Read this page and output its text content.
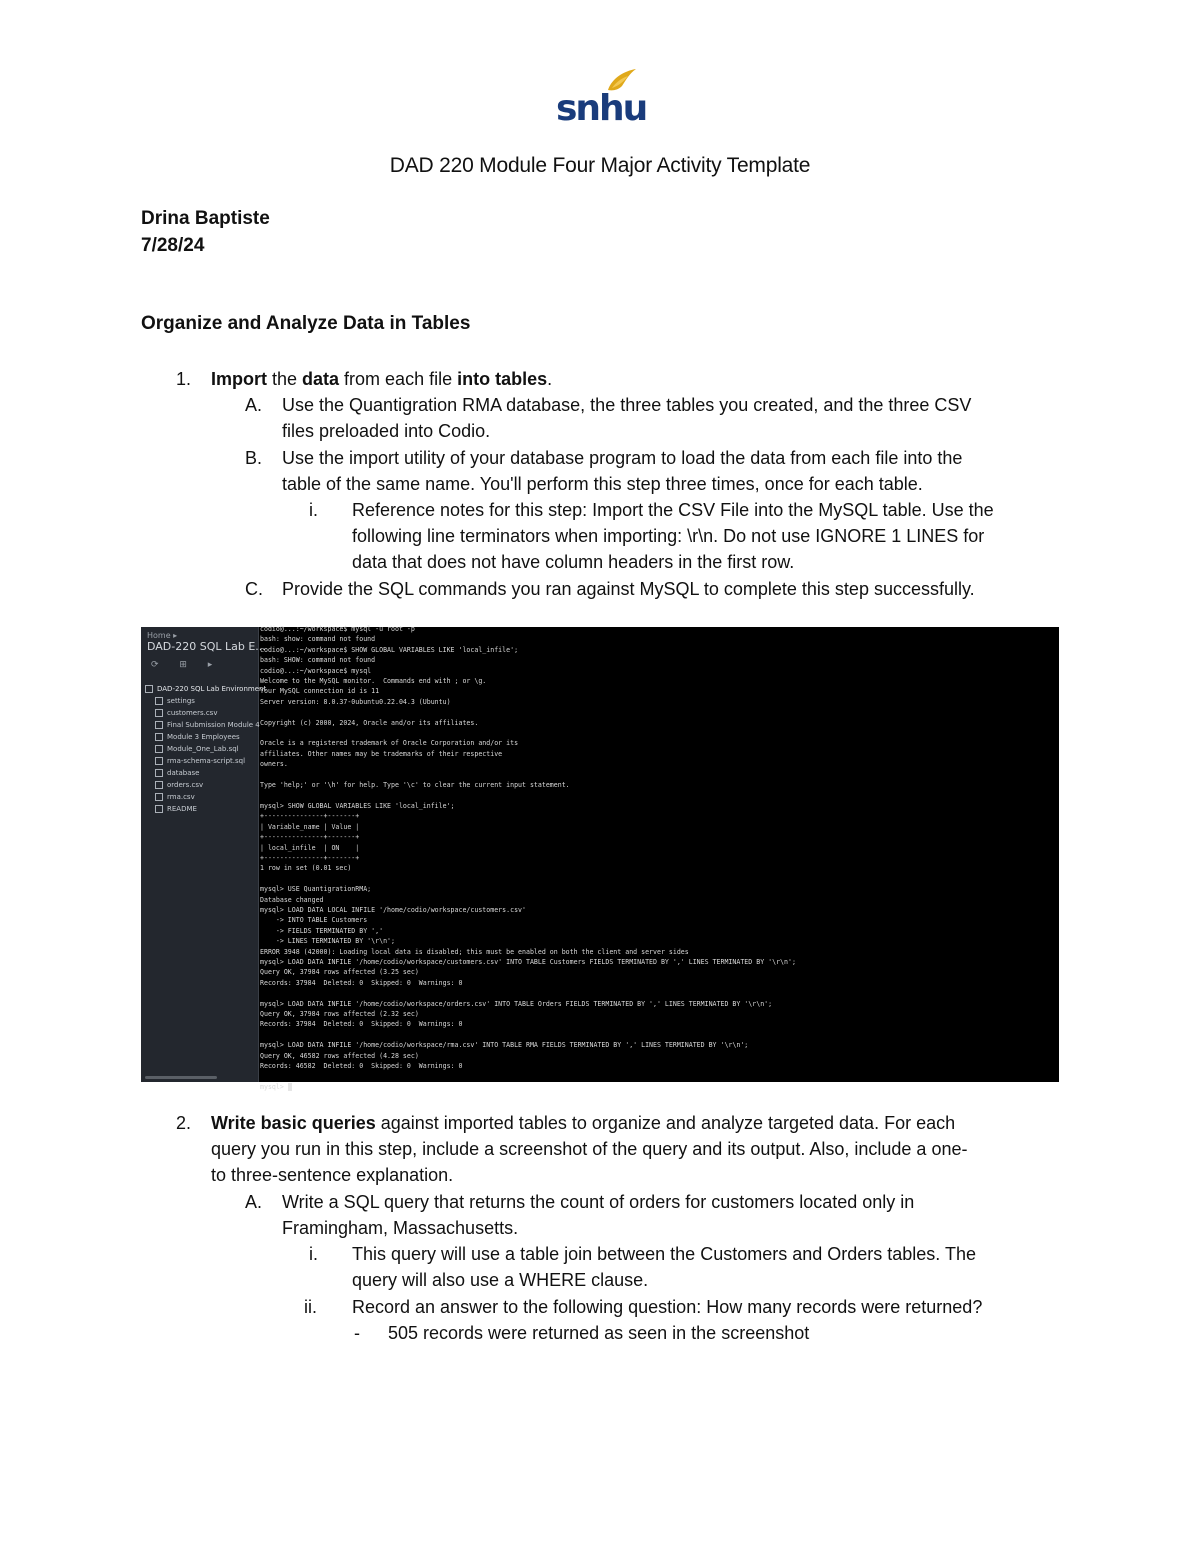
snhu
DAD 220 Module Four Major Activity Template
Drina Baptiste
7/28/24
Organize and Analyze Data in Tables
1. Import the data from each file into tables.
A. Use the Quantigration RMA database, the three tables you created, and the three CSV
files preloaded into Codio.
B. Use the import utility of your database program to load the data from each file into the
table of the same name. You'll perform this step three times, once for each table.
i. Reference notes for this step: Import the CSV File into the MySQL table. Use the
following line terminators when importing: \r\n. Do not use IGNORE 1 LINES for
data that does not have column headers in the first row.
C. Provide the SQL commands you ran against MySQL to complete this step successfully.
Home ▸
DAD-220 SQL Lab E...
⟳ ⊞ ▸
DAD-220 SQL Lab Environment
settings
customers.csv
Final Submission Module 4
Module 3 Employees
Module_One_Lab.sql
rma-schema-script.sql
database
orders.csv
rma.csv
README
codio@...:~/workspace$ mysql -u root -p
bash: show: command not found
codio@...:~/workspace$ SHOW GLOBAL VARIABLES LIKE 'local_infile';
bash: SHOW: command not found
codio@...:~/workspace$ mysql
Welcome to the MySQL monitor.  Commands end with ; or \g.
Your MySQL connection id is 11
Server version: 8.0.37-0ubuntu0.22.04.3 (Ubuntu)

Copyright (c) 2000, 2024, Oracle and/or its affiliates.

Oracle is a registered trademark of Oracle Corporation and/or its
affiliates. Other names may be trademarks of their respective
owners.

Type 'help;' or '\h' for help. Type '\c' to clear the current input statement.

mysql> SHOW GLOBAL VARIABLES LIKE 'local_infile';
+---------------+-------+
| Variable_name | Value |
+---------------+-------+
| local_infile  | ON    |
+---------------+-------+
1 row in set (0.01 sec)

mysql> USE QuantigrationRMA;
Database changed
mysql> LOAD DATA LOCAL INFILE '/home/codio/workspace/customers.csv'
-> INTO TABLE Customers
-> FIELDS TERMINATED BY ','
-> LINES TERMINATED BY '\r\n';
ERROR 3948 (42000): Loading local data is disabled; this must be enabled on both the client and server sides
mysql> LOAD DATA INFILE '/home/codio/workspace/customers.csv' INTO TABLE Customers FIELDS TERMINATED BY ',' LINES TERMINATED BY '\r\n';
Query OK, 37984 rows affected (3.25 sec)
Records: 37984  Deleted: 0  Skipped: 0  Warnings: 0

mysql> LOAD DATA INFILE '/home/codio/workspace/orders.csv' INTO TABLE Orders FIELDS TERMINATED BY ',' LINES TERMINATED BY '\r\n';
Query OK, 37984 rows affected (2.32 sec)
Records: 37984  Deleted: 0  Skipped: 0  Warnings: 0

mysql> LOAD DATA INFILE '/home/codio/workspace/rma.csv' INTO TABLE RMA FIELDS TERMINATED BY ',' LINES TERMINATED BY '\r\n';
Query OK, 46582 rows affected (4.28 sec)
Records: 46582  Deleted: 0  Skipped: 0  Warnings: 0

mysql>
2. Write basic queries against imported tables to organize and analyze targeted data. For each
query you run in this step, include a screenshot of the query and its output. Also, include a one-
to three-sentence explanation.
A. Write a SQL query that returns the count of orders for customers located only in
Framingham, Massachusetts.
i. This query will use a table join between the Customers and Orders tables. The
query will also use a WHERE clause.
ii. Record an answer to the following question: How many records were returned?
- 505 records were returned as seen in the screenshot
